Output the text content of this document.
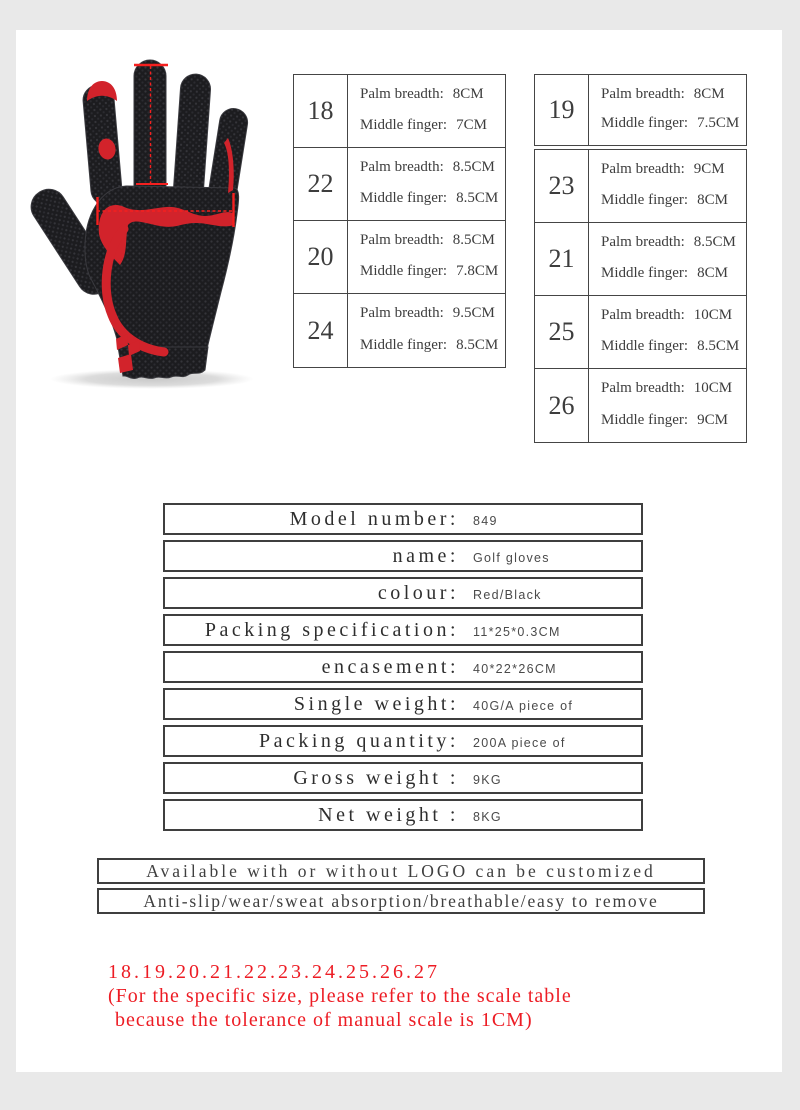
18
Palm breadth: 8CM
Middle finger: 7CM
22
Palm breadth: 8.5CM
Middle finger: 8.5CM
20
Palm breadth: 8.5CM
Middle finger: 7.8CM
24
Palm breadth: 9.5CM
Middle finger: 8.5CM
19
Palm breadth: 8CM
Middle finger: 7.5CM
23
Palm breadth: 9CM
Middle finger: 8CM
21
Palm breadth: 8.5CM
Middle finger: 8CM
25
Palm breadth: 10CM
Middle finger: 8.5CM
26
Palm breadth: 10CM
Middle finger: 9CM
Model number: 849
name: Golf gloves
colour: Red/Black
Packing specification: 11*25*0.3CM
encasement: 40*22*26CM
Single weight: 40G/A piece of
Packing quantity: 200A piece of
Gross weight : 9KG
Net weight : 8KG
Available with or without LOGO can be customized
Anti-slip/wear/sweat absorption/breathable/easy to remove
18.19.20.21.22.23.24.25.26.27
(For the specific size, please refer to the scale table
because the tolerance of manual scale is 1CM)
